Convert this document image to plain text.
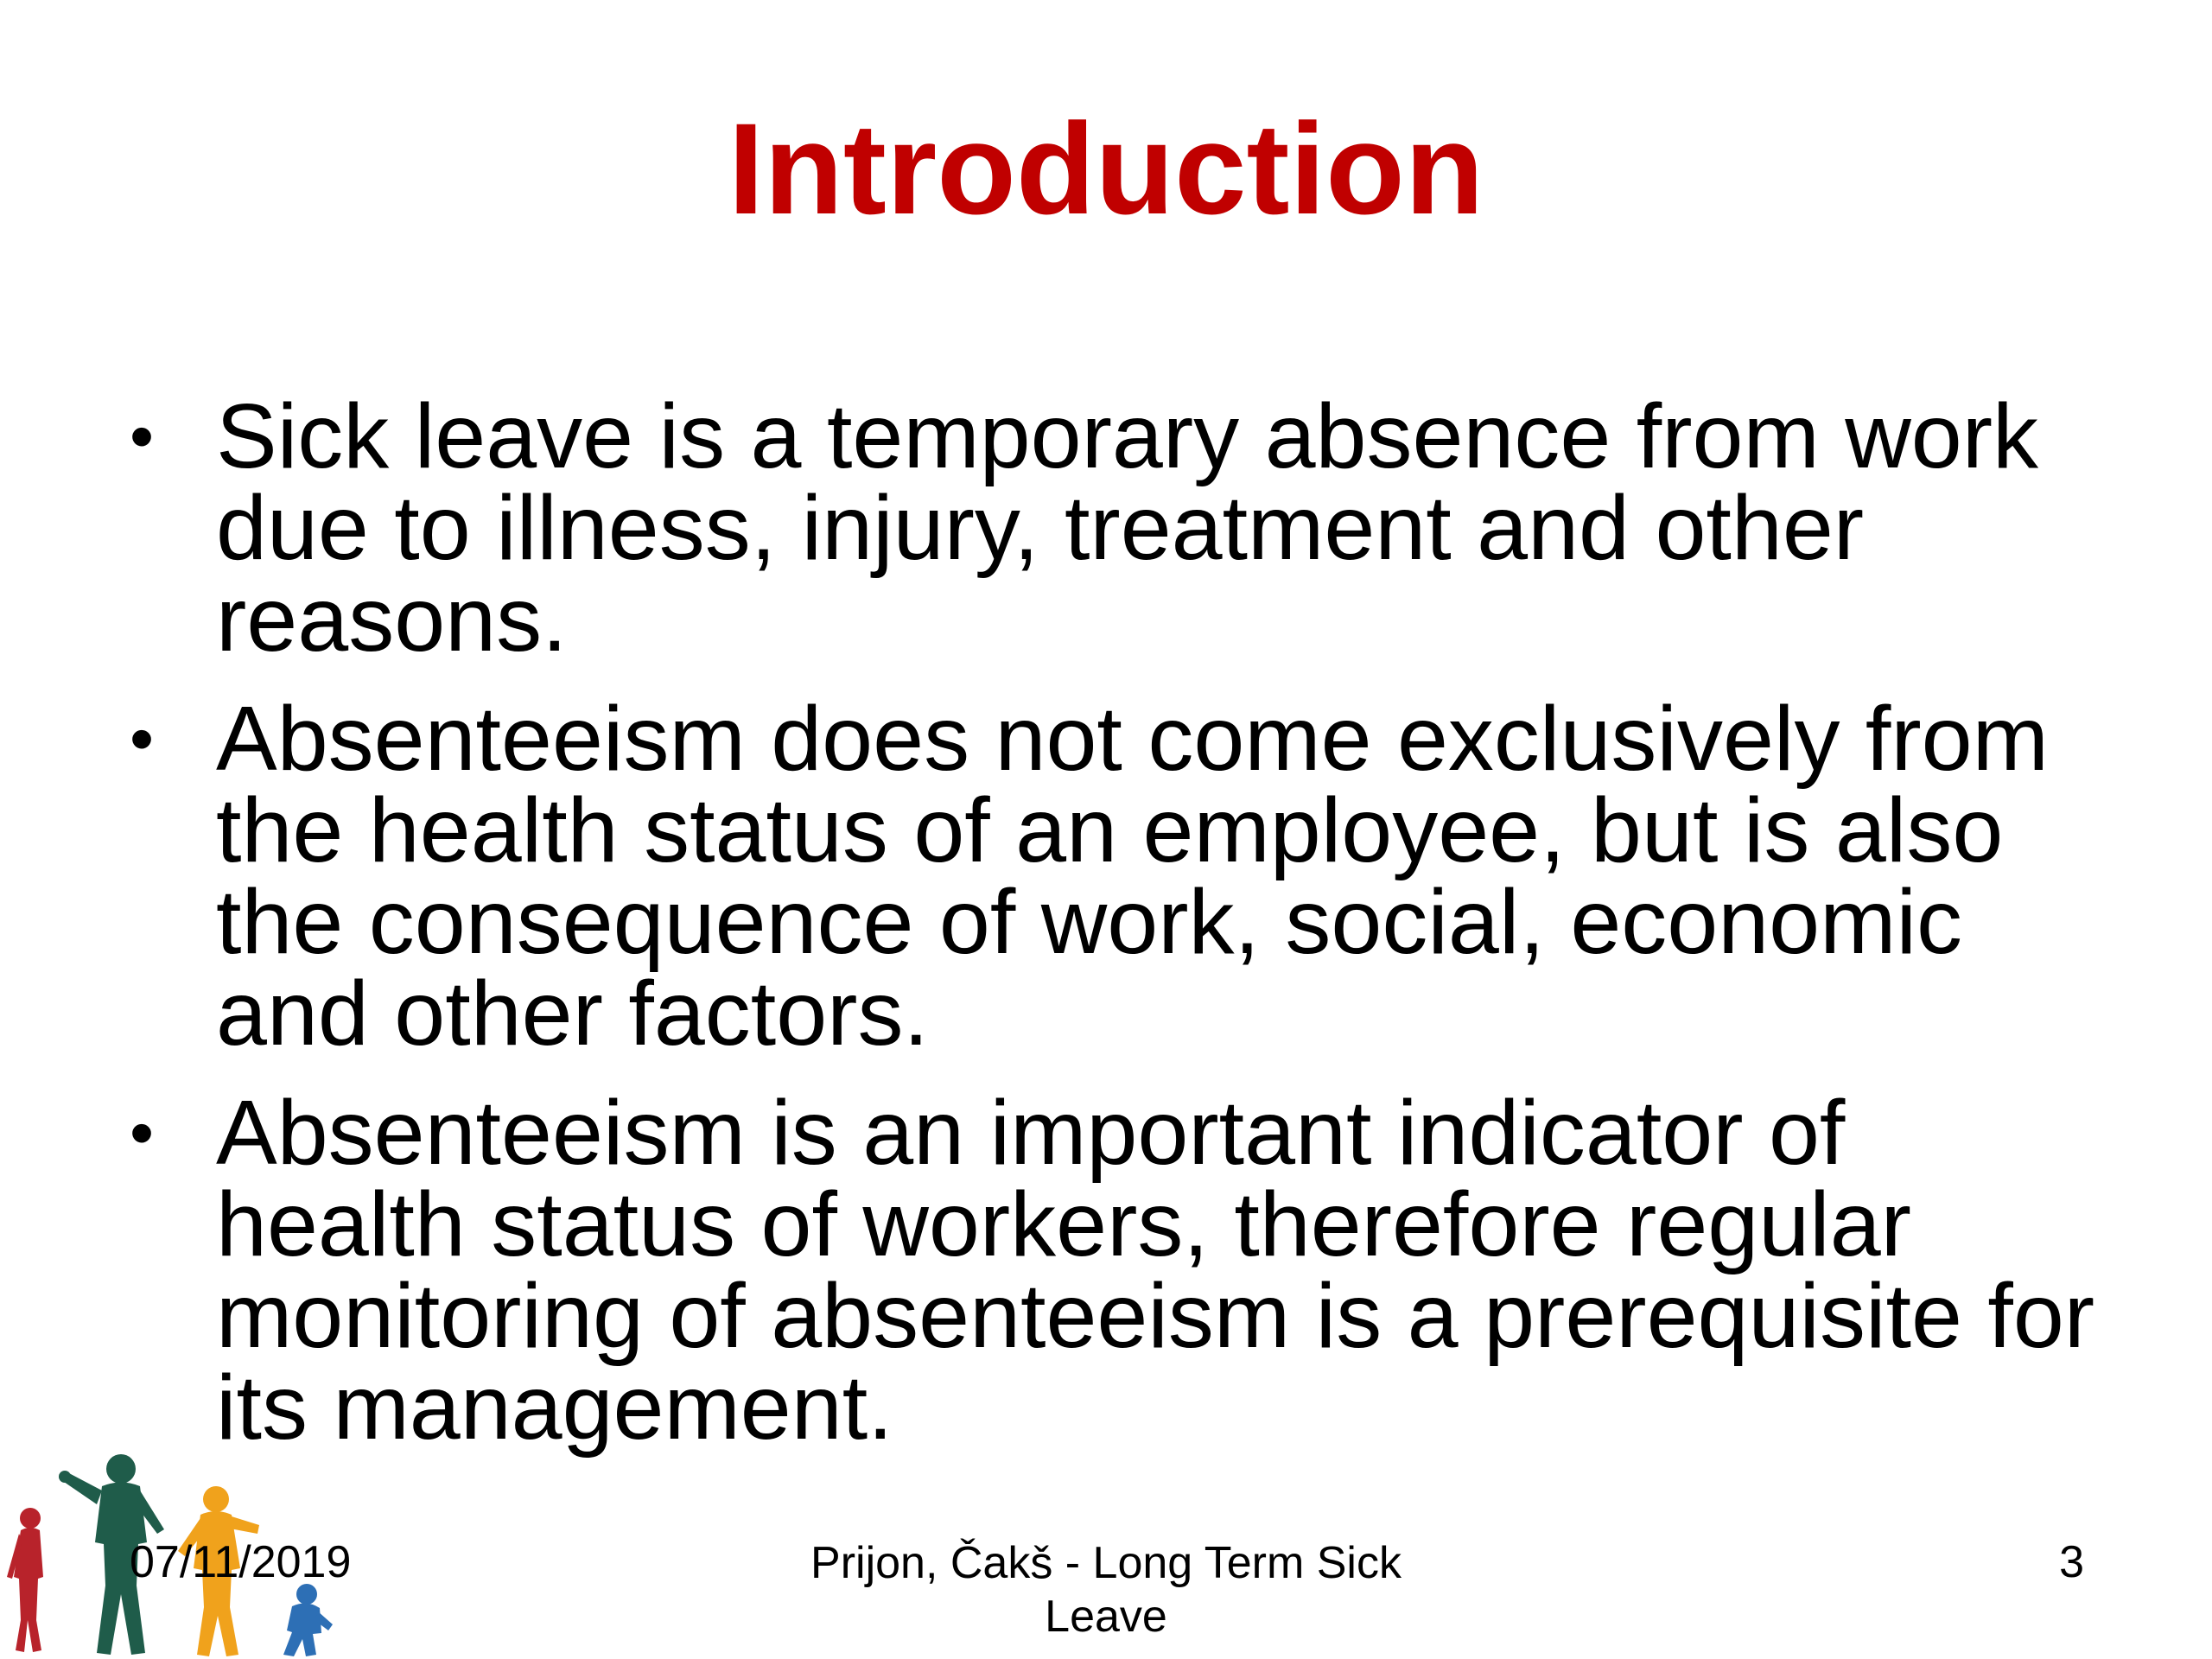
Introduction
• Sick leave is a temporary absence from work due to illness, injury, treatment and other reasons.
• Absenteeism does not come exclusively from the health status of an employee, but is also the consequence of work, social, economic and other factors.
• Absenteeism is an important indicator of health status of workers, therefore regular monitoring of absenteeism is a prerequisite for its management.
07/11/2019	Prijon, Čakš - Long Term Sick
Leave
3
